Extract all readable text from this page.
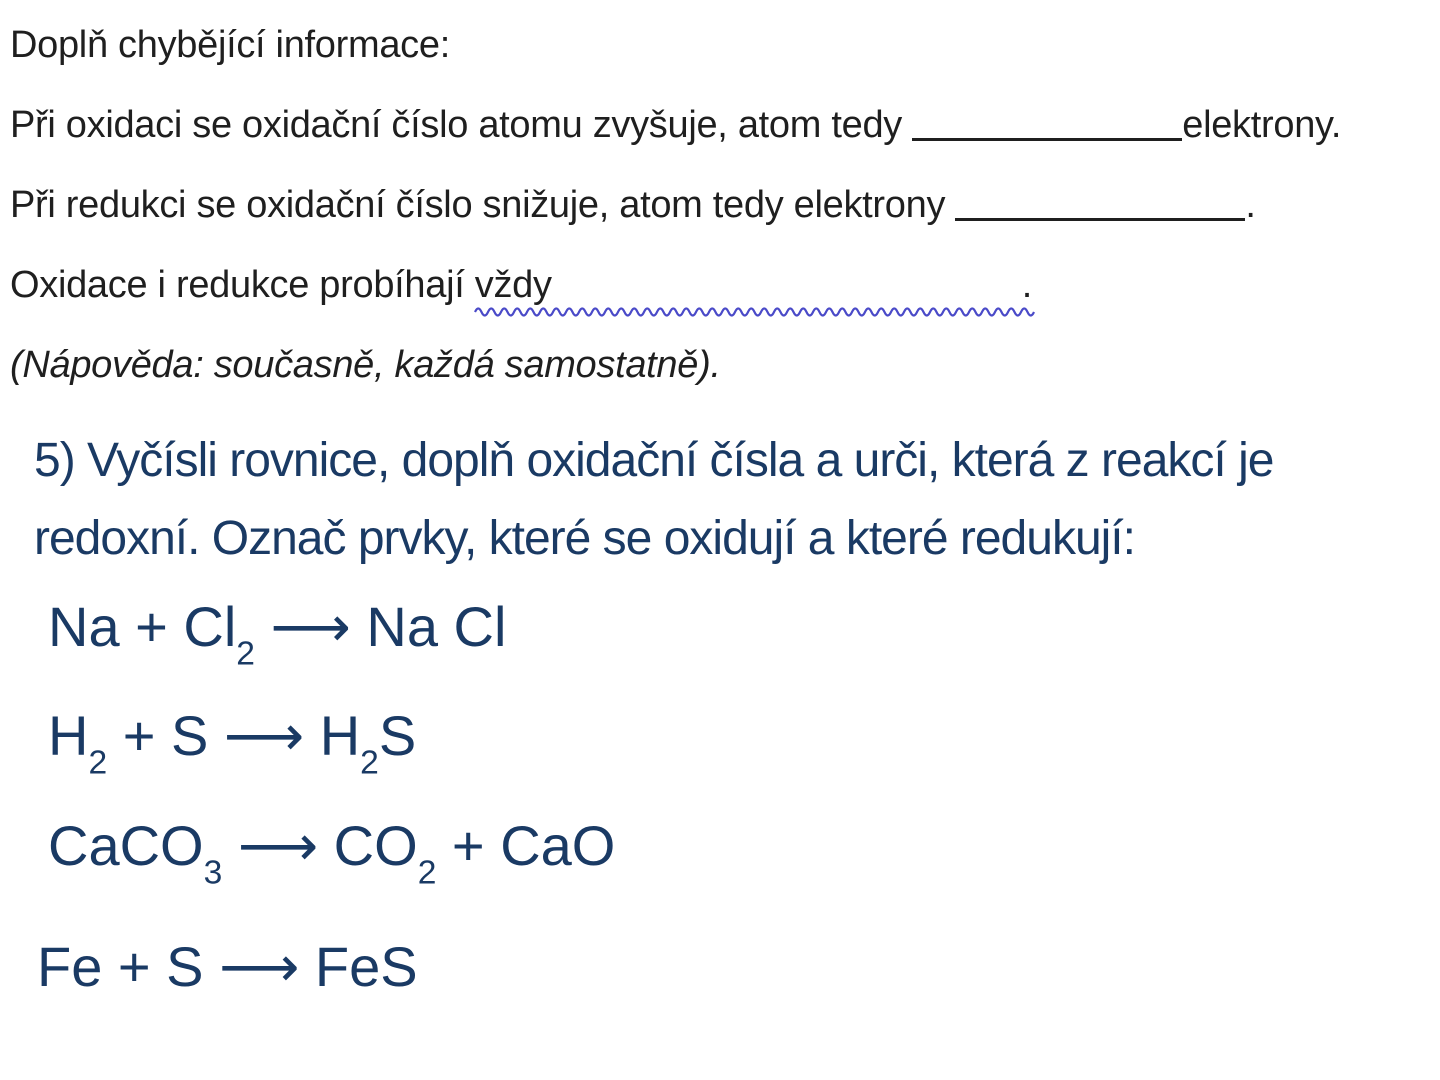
Doplň chybějící informace:

Při oxidaci se oxidační číslo atomu zvyšuje, atom tedy	elektrony.

Při redukci se oxidační číslo snižuje, atom tedy elektrony	.

Oxidace i redukce probíhají vždy	.

(Nápověda: současně, každá samostatně).

5) Vyčísli rovnice, doplň oxidační čísla a urči, která z reakcí je
redoxní. Označ prvky, které se oxidují a které redukují:

$Na + Cl_2$ ⟶ Na Cl

$H_2 + S$ ⟶ $H_2S$

CaCO$_3$ ⟶ $CO_2$ + CaO

Fe + S ⟶ FeS
